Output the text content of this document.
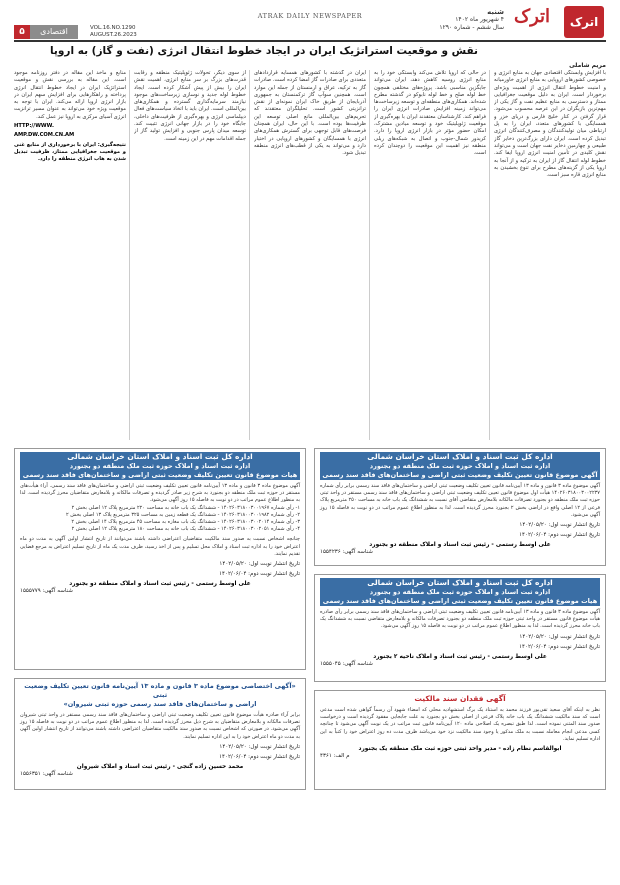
اترک
اترک
شنبه
۴ شهریور ماه ۱۴۰۲
سال ششم - شماره ۱۲۹۰
ATRAK DAILY NEWSPAPER
VOL.16.NO.1290
AUGUST.26.2023
اقتصادی
۵
نقش و موقعیت استراتژیک ایران در ایجاد خطوط انتقال انرژی (نفت و گاز) به اروپا
مریم شاملی
با افزایش وابستگی اقتصادی جهان به منابع انرژی و خصوصی کشورهای اروپایی به منابع انرژی خاورمیانه و امنیت خطوط انتقال انرژی از اهمیت ویژه‌ای برخوردار است. ایران به دلیل موقعیت جغرافیایی ممتاز و دسترسی به منابع عظیم نفت و گاز یکی از مهم‌ترین بازیگران در این عرصه محسوب می‌شود. قرار گرفتن در کنار خلیج فارس و دریای خزر و همسایگی با کشورهای متعدد، ایران را به پل ارتباطی میان تولیدکنندگان و مصرف‌کنندگان انرژی تبدیل کرده است. ایران دارای بزرگ‌ترین ذخایر گاز طبیعی و چهارمین ذخایر نفت جهان است و می‌تواند نقش کلیدی در تأمین امنیت انرژی اروپا ایفا کند. خطوط لوله انتقال گاز از ایران به ترکیه و از آنجا به اروپا یکی از گزینه‌های مطرح برای تنوع بخشیدن به منابع انرژی قاره سبز است.
در حالی که اروپا تلاش می‌کند وابستگی خود را به منابع انرژی روسیه کاهش دهد، ایران می‌تواند جایگزین مناسبی باشد. پروژه‌های مختلفی همچون خط لوله صلح و خط لوله نابوکو در گذشته مطرح شده‌اند. همکاری‌های منطقه‌ای و توسعه زیرساخت‌ها می‌تواند زمینه افزایش صادرات انرژی ایران را فراهم کند. کارشناسان معتقدند ایران با بهره‌گیری از موقعیت ژئوپلیتیک خود و توسعه میادین مشترک، امکان حضور مؤثر در بازار انرژی اروپا را دارد. کریدور شمال-جنوب و اتصال به شبکه‌های ریلی منطقه نیز اهمیت این موقعیت را دوچندان کرده است.
ایران در گذشته با کشورهای همسایه قراردادهای متعددی برای صادرات گاز امضا کرده است. صادرات گاز به ترکیه، عراق و ارمنستان از جمله این موارد است. همچنین سوآپ گاز ترکمنستان به جمهوری آذربایجان از طریق خاک ایران نمونه‌ای از نقش ترانزیتی کشور است. تحلیلگران معتقدند که تحریم‌های بین‌المللی مانع اصلی توسعه این ظرفیت‌ها بوده است. با این حال، ایران همچنان فرصت‌های قابل توجهی برای گسترش همکاری‌های انرژی با همسایگان و کشورهای اروپایی در اختیار دارد و می‌تواند به یکی از قطب‌های انرژی منطقه تبدیل شود.
از سوی دیگر، تحولات ژئوپلیتیک منطقه و رقابت قدرت‌های بزرگ بر سر منابع انرژی، اهمیت نقش ایران را بیش از پیش آشکار کرده است. ایجاد خطوط لوله جدید و نوسازی زیرساخت‌های موجود نیازمند سرمایه‌گذاری گسترده و همکاری‌های بین‌المللی است. ایران باید با اتخاذ سیاست‌های فعال دیپلماسی انرژی و بهره‌گیری از ظرفیت‌های داخلی، جایگاه خود را در بازار جهانی انرژی تثبیت کند. توسعه میدان پارس جنوبی و افزایش تولید گاز از جمله اقدامات مهم در این زمینه است.
منابع و مآخذ این مقاله در دفتر روزنامه موجود است. این مقاله به بررسی نقش و موقعیت استراتژیک ایران در ایجاد خطوط انتقال انرژی پرداخته و راهکارهایی برای افزایش سهم ایران در بازار انرژی اروپا ارائه می‌کند. ایران با توجه به موقعیت ویژه خود می‌تواند به عنوان مسیر ترانزیت انرژی آسیای مرکزی به اروپا نیز عمل کند.
HTTP://WWW.
AMP.DW.COM.CN.AM
نتیجه‌گیری: ایران با برخورداری از منابع غنی و موقعیت جغرافیایی ممتاز، ظرفیت تبدیل شدن به هاب انرژی منطقه را دارد.
اداره کل ثبت اسناد و املاک استان خراسان شمالی
اداره ثبت اسناد و املاک حوزه ثبت ملک منطقه دو بجنورد
آگهی موضوع قانون تعیین تکلیف وضعیت ثبتی اراضی و ساختمان‌های فاقد سند رسمی
آگهی موضوع ماده ۳ قانون و ماده ۱۳ آیین‌نامه قانون تعیین تکلیف وضعیت ثبتی اراضی و ساختمان‌های فاقد سند رسمی برابر رأی شماره ۱۴۰۲۶۰۳۱۸۰۰۳۰۰۲۲۳۷ هیأت اول موضوع قانون تعیین تکلیف وضعیت ثبتی اراضی و ساختمان‌های فاقد سند رسمی مستقر در واحد ثبتی حوزه ثبت ملک منطقه دو بجنورد تصرفات مالکانه بلامعارض متقاضی آقای نسبت به ششدانگ یک باب خانه به مساحت ۲۵۰ مترمربع پلاک فرعی از ۱۲ اصلی واقع در اراضی بخش ۲ بجنورد محرز گردیده است. لذا به منظور اطلاع عموم مراتب در دو نوبت به فاصله ۱۵ روز آگهی می‌شود.
تاریخ انتشار نوبت اول: ۱۴۰۲/۰۵/۲۰
تاریخ انتشار نوبت دوم: ۱۴۰۲/۰۶/۰۴
علی اوسط رستمی - رئیس ثبت اسناد و املاک منطقه دو بجنورد
شناسه آگهی: ۱۵۵۴۲۳۶
اداره کل ثبت اسناد و املاک استان خراسان شمالی
اداره ثبت اسناد و املاک حوزه ثبت ملک منطقه دو بجنورد
هیات موضوع قانون تعیین تکلیف وضعیت ثبتی اراضی و ساختمان‌های فاقد سند رسمی
آگهی موضوع ماده ۳ قانون و ماده ۱۳ آیین‌نامه قانون تعیین تکلیف وضعیت ثبتی اراضی و ساختمان‌های فاقد سند رسمی. آراء هیأت‌های مستقر در حوزه ثبت ملک منطقه دو بجنورد به شرح زیر صادر گردیده و تصرفات مالکانه و بلامعارض متقاضیان محرز گردیده است. لذا به منظور اطلاع عموم مراتب در دو نوبت به فاصله ۱۵ روز آگهی می‌شود.
۱- رأی شماره ۱۴۰۲۶۰۳۱۸۰۰۳۰۰۱۹۶۷ - ششدانگ یک باب خانه به مساحت ۲۲۰ مترمربع پلاک ۱۲ اصلی بخش ۲
۲- رأی شماره ۱۴۰۲۶۰۳۱۸۰۰۳۰۰۱۹۸۲ - ششدانگ یک قطعه زمین به مساحت ۳۲۵ مترمربع پلاک ۱۳ اصلی بخش ۲
۳- رأی شماره ۱۴۰۲۶۰۳۱۸۰۰۳۰۰۲۰۱۴ - ششدانگ یک باب مغازه به مساحت ۴۵ مترمربع پلاک ۱۴ اصلی بخش ۲
۴- رأی شماره ۱۴۰۲۶۰۳۱۸۰۰۳۰۰۲۰۵۱ - ششدانگ یک باب خانه به مساحت ۱۸۰ مترمربع پلاک ۱۲ اصلی بخش ۲
چنانچه اشخاص نسبت به صدور سند مالکیت متقاضیان اعتراضی داشته باشند می‌توانند از تاریخ انتشار اولین آگهی به مدت دو ماه اعتراض خود را به اداره ثبت اسناد و املاک محل تسلیم و پس از اخذ رسید، ظرف مدت یک ماه از تاریخ تسلیم اعتراض به مرجع قضایی تقدیم نمایند.
تاریخ انتشار نوبت اول: ۱۴۰۲/۰۵/۲۰
تاریخ انتشار نوبت دوم: ۱۴۰۲/۰۶/۰۴
علی اوسط رستمی - رئیس ثبت اسناد و املاک منطقه دو بجنورد
شناسه آگهی: ۱۵۵۵۷۷۹
اداره کل ثبت اسناد و املاک استان خراسان شمالی
اداره ثبت اسناد و املاک حوزه ثبت ملک منطقه دو بجنورد
هیات موضوع قانون تعیین تکلیف وضعیت ثبتی اراضی و ساختمان‌های فاقد سند رسمی
آگهی موضوع ماده ۳ قانون و ماده ۱۳ آیین‌نامه قانون تعیین تکلیف وضعیت ثبتی اراضی و ساختمان‌های فاقد سند رسمی برابر رأی صادره هیأت موضوع قانون مستقر در واحد ثبتی حوزه ثبت ملک منطقه دو بجنورد تصرفات مالکانه و بلامعارض متقاضی نسبت به ششدانگ یک باب خانه محرز گردیده است. لذا به منظور اطلاع عموم مراتب در دو نوبت به فاصله ۱۵ روز آگهی می‌شود.
تاریخ انتشار نوبت اول: ۱۴۰۲/۰۵/۲۰
تاریخ انتشار نوبت دوم: ۱۴۰۲/۰۶/۰۴
علی اوسط رستمی - رئیس ثبت اسناد و املاک ناحیه ۲ بجنورد
شناسه آگهی: ۱۵۵۵۰۴۵
«آگهی اختصاصی موضوع ماده ۳ قانون و ماده ۱۳ آیین‌نامه قانون تعیین تکلیف وضعیت ثبتی
اراضی و ساختمان‌های فاقد سند رسمی حوزه ثبتی شیروان»
برابر آراء صادره هیأت موضوع قانون تعیین تکلیف وضعیت ثبتی اراضی و ساختمان‌های فاقد سند رسمی مستقر در واحد ثبتی شیروان تصرفات مالکانه و بلامعارض متقاضیان به شرح ذیل محرز گردیده است. لذا به منظور اطلاع عموم مراتب در دو نوبت به فاصله ۱۵ روز آگهی می‌شود. در صورتی که اشخاص نسبت به صدور سند مالکیت متقاضیان اعتراضی داشته باشند می‌توانند از تاریخ انتشار اولین آگهی به مدت دو ماه اعتراض خود را به این اداره تسلیم نمایند.
تاریخ انتشار نوبت اول: ۱۴۰۲/۰۵/۲۰
تاریخ انتشار نوبت دوم: ۱۴۰۲/۰۶/۰۴
محمد حسین زاده گنجی - رئیس ثبت اسناد و املاک شیروان
شناسه آگهی: ۱۵۵۶۳۵۱
آگهی فقدان سند مالکیت
نظر به اینکه آقای سعید تقی‌پور فرزند محمد به استناد یک برگ استشهادیه محلی که امضاء شهود آن رسماً گواهی شده است مدعی است که سند مالکیت ششدانگ یک باب خانه پلاک فرعی از اصلی بخش دو بجنورد به علت جابجایی مفقود گردیده است و درخواست صدور سند المثنی نموده است. لذا طبق تبصره یک اصلاحی ماده ۱۲۰ آیین‌نامه قانون ثبت مراتب در یک نوبت آگهی می‌شود تا چنانچه کسی مدعی انجام معامله نسبت به ملک مذکور یا وجود سند مالکیت نزد خود می‌باشد ظرف مدت ده روز اعتراض خود را کتباً به این اداره تسلیم نماید.
ابوالقاسم نظام زاده - مدیر واحد ثبتی حوزه ثبت ملک منطقه یک بجنورد
م الف: ۴۳۶۱
